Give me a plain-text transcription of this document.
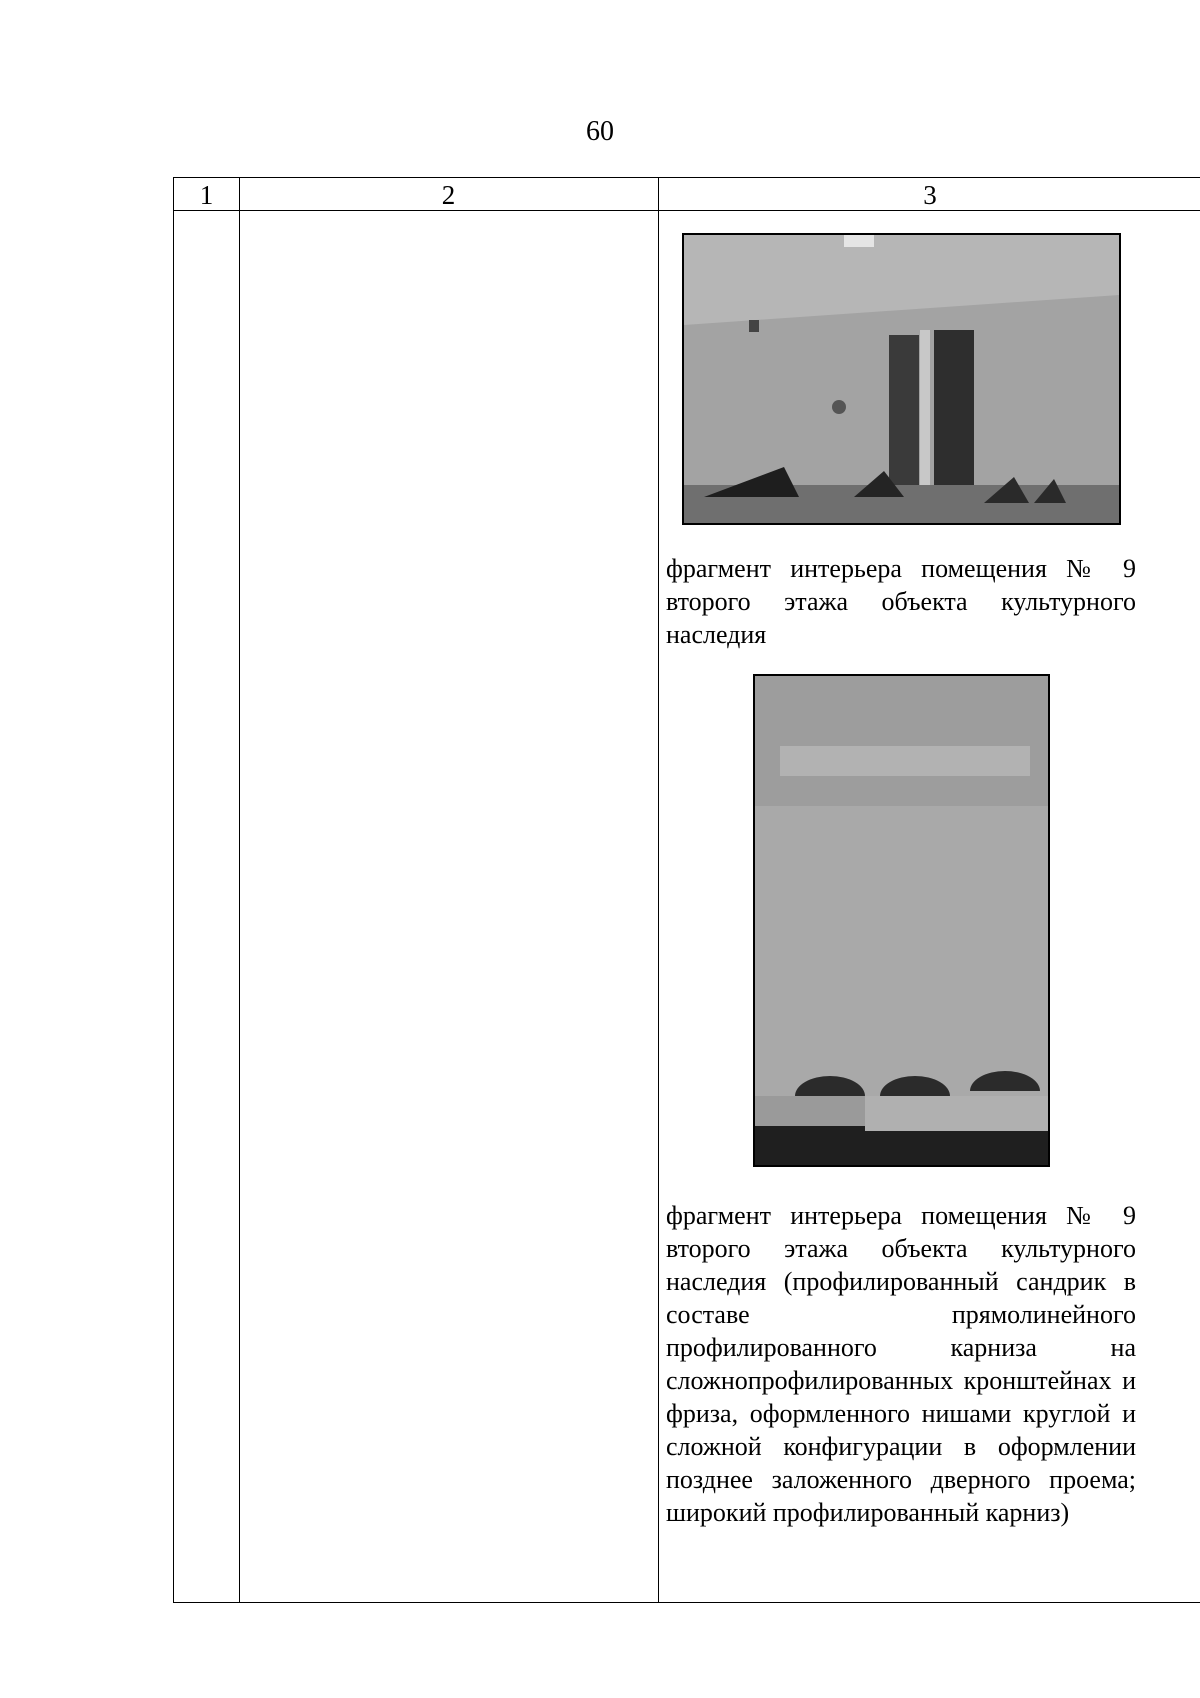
60
1	2	3
фрагмент интерьера помещения № 9 второго этажа объекта культурного наследия
фрагмент интерьера помещения № 9 второго этажа объекта культурного наследия (профилированный сандрик в составе прямолинейного профилированного карниза на сложнопрофилированных кронштейнах и фриза, оформленного нишами круглой и сложной конфигурации в оформлении позднее заложенного дверного проема; широкий профилированный карниз)
